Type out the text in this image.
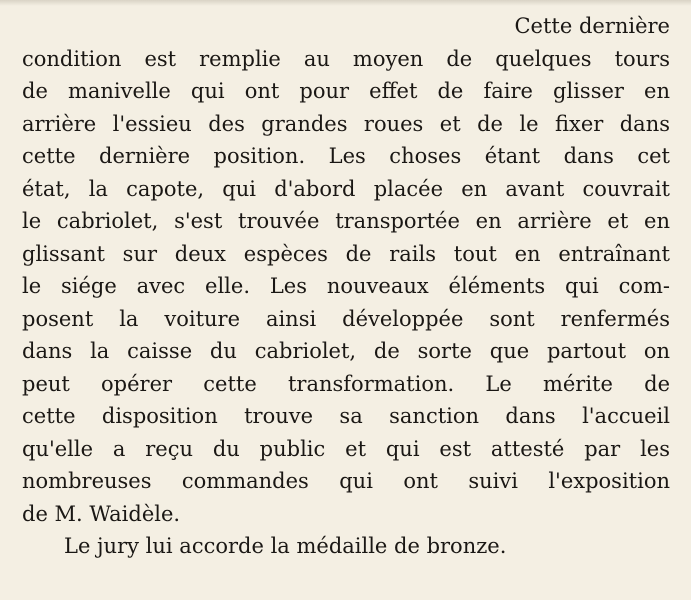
Cette dernière
condition est remplie au moyen de quelques tours
de manivelle qui ont pour effet de faire glisser en
arrière l'essieu des grandes roues et de le fixer dans
cette dernière position. Les choses étant dans cet
état, la capote, qui d'abord placée en avant couvrait
le cabriolet, s'est trouvée transportée en arrière et en
glissant sur deux espèces de rails tout en entraînant
le siége avec elle. Les nouveaux éléments qui com-
posent la voiture ainsi développée sont renfermés
dans la caisse du cabriolet, de sorte que partout on
peut opérer cette transformation. Le mérite de
cette disposition trouve sa sanction dans l'accueil
qu'elle a reçu du public et qui est attesté par les
nombreuses commandes qui ont suivi l'exposition
de M. Waidèle.
Le jury lui accorde la médaille de bronze.
